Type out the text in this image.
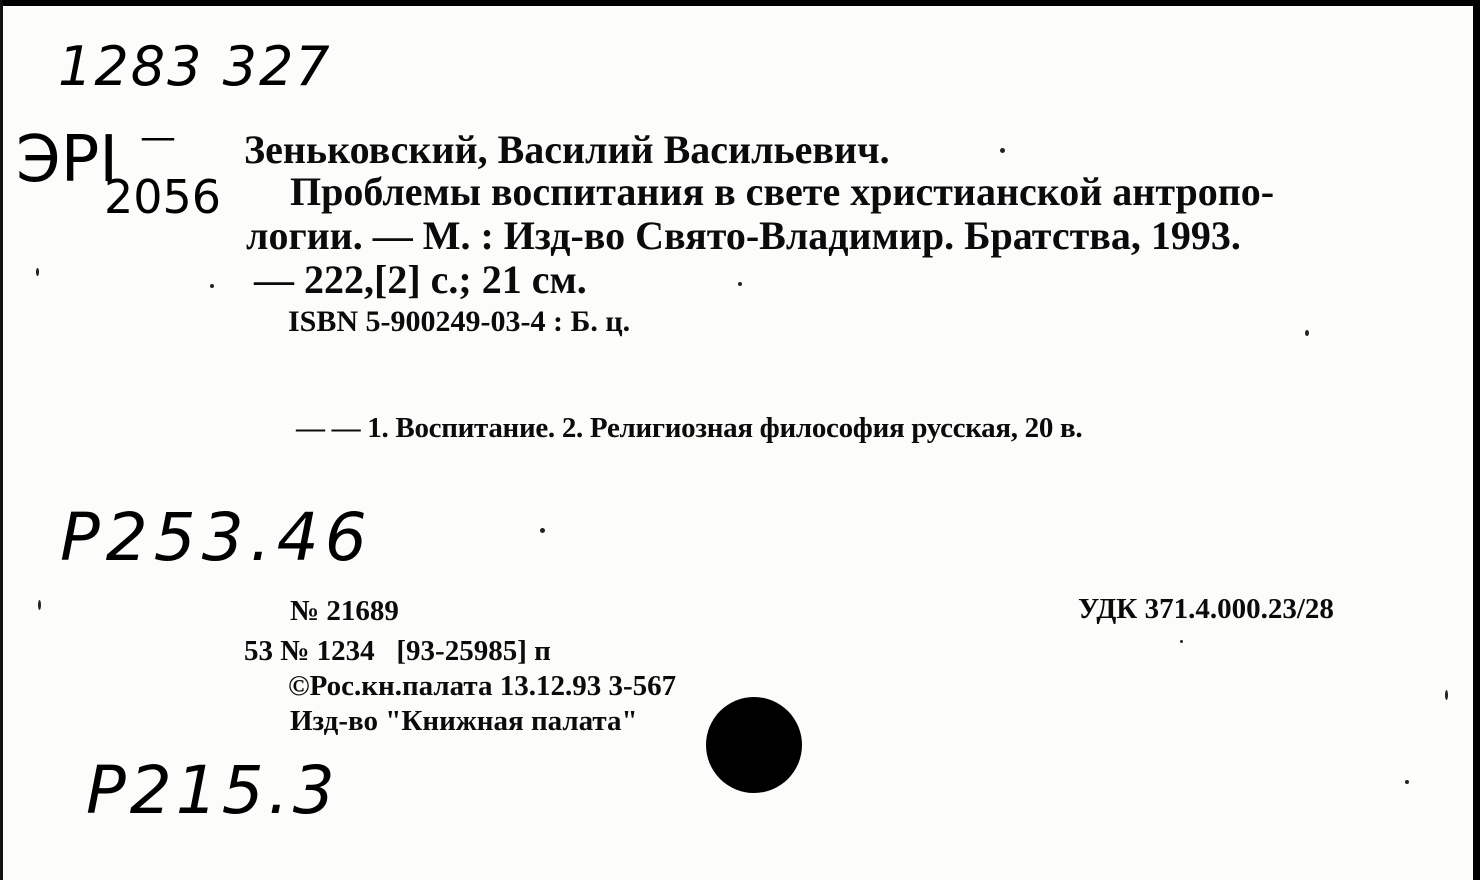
1283 327
ЭРI —
2056
Зеньковский, Василий Васильевич.
Проблемы воспитания в свете христианской антропо-
логии. — М. : Изд-во Свято-Владимир. Братства, 1993.
— 222,[2] с.; 21 см.
ISBN 5-900249-03-4 : Б. ц.
— — 1. Воспитание. 2. Религиозная философия русская, 20 в.
Р253.46
Р215.3
№ 21689	УДК 371.4.000.23/28
53 № 1234   [93-25985] п
©Рос.кн.палата 13.12.93 3-567
Изд-во "Книжная палата"
